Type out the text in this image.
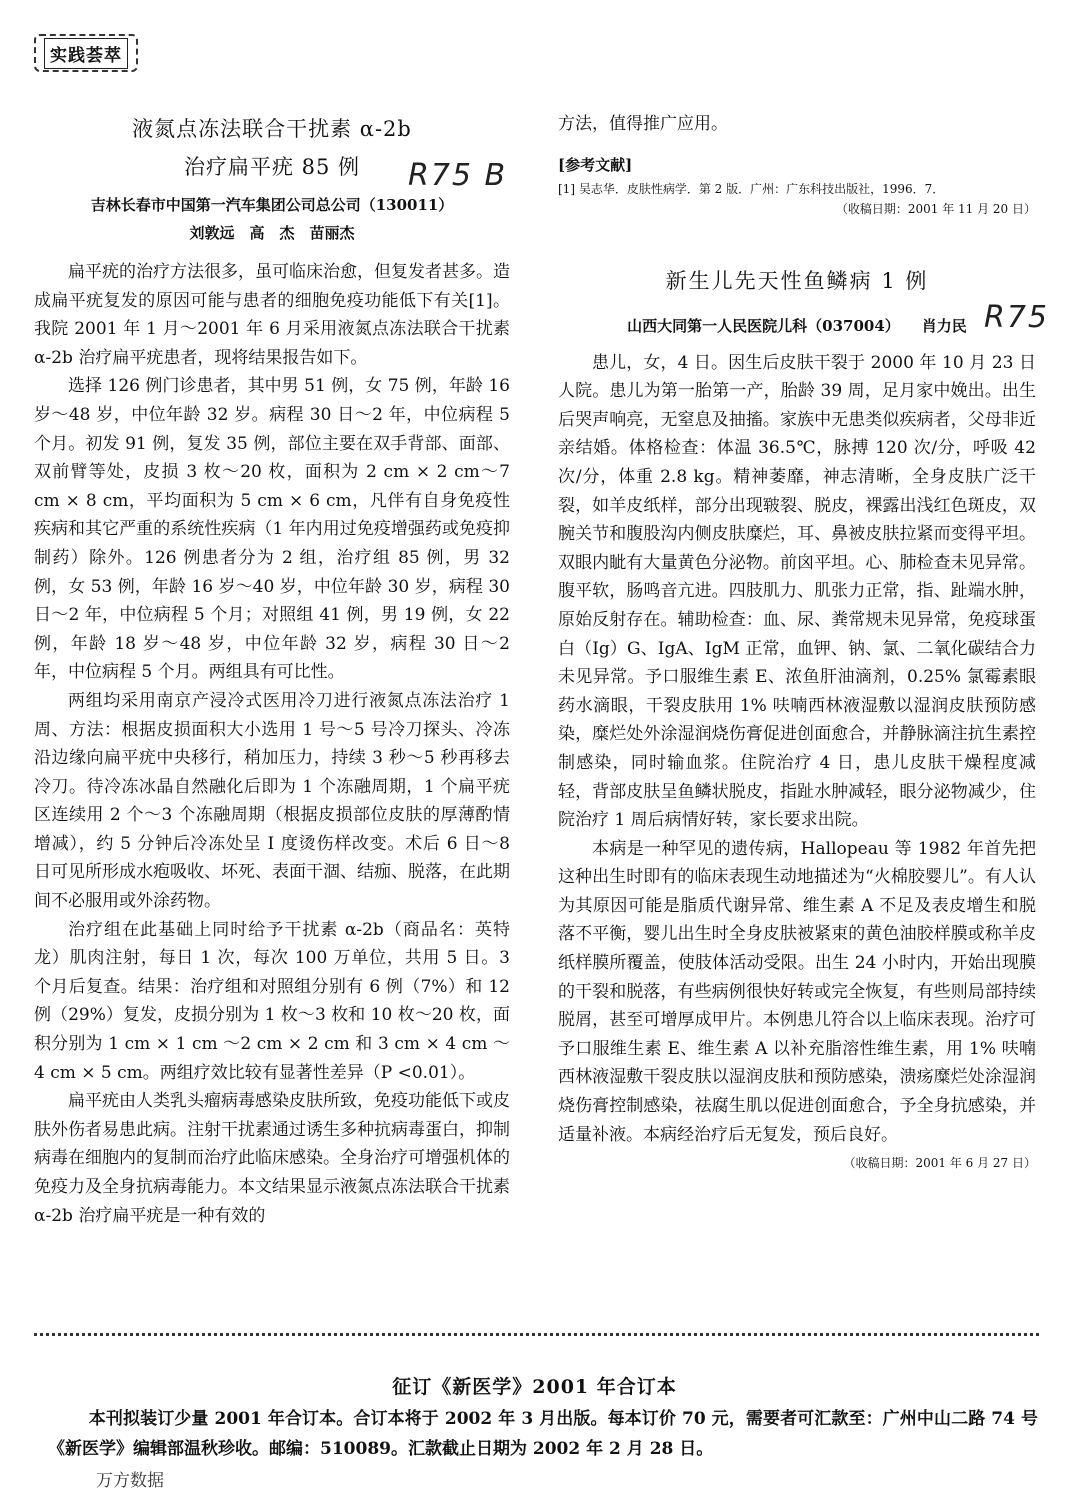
实践荟萃
液氮点冻法联合干扰素 α-2b
治疗扁平疣 85 例
吉林长春市中国第一汽车集团公司总公司（130011）
刘敦远　高　杰　苗丽杰

扁平疣的治疗方法很多，虽可临床治愈，但复发者甚多。造成扁平疣复发的原因可能与患者的细胞免疫功能低下有关[1]。我院 2001 年 1 月～2001 年 6 月采用液氮点冻法联合干扰素 α-2b 治疗扁平疣患者，现将结果报告如下。

选择 126 例门诊患者，其中男 51 例，女 75 例，年龄 16 岁～48 岁，中位年龄 32 岁。病程 30 日～2 年，中位病程 5 个月。初发 91 例，复发 35 例，部位主要在双手背部、面部、双前臂等处，皮损 3 枚～20 枚，面积为 2 cm × 2 cm～7 cm × 8 cm，平均面积为 5 cm × 6 cm，凡伴有自身免疫性疾病和其它严重的系统性疾病（1 年内用过免疫增强药或免疫抑制药）除外。126 例患者分为 2 组，治疗组 85 例，男 32 例，女 53 例，年龄 16 岁～40 岁，中位年龄 30 岁，病程 30 日～2 年，中位病程 5 个月；对照组 41 例，男 19 例，女 22 例，年龄 18 岁～48 岁，中位年龄 32 岁，病程 30 日～2 年，中位病程 5 个月。两组具有可比性。

两组均采用南京产浸冷式医用冷刀进行液氮点冻法治疗 1 周、方法：根据皮损面积大小选用 1 号～5 号冷刀探头、冷冻沿边缘向扁平疣中央移行，稍加压力，持续 3 秒～5 秒再移去冷刀。待冷冻冰晶自然融化后即为 1 个冻融周期，1 个扁平疣区连续用 2 个～3 个冻融周期（根据皮损部位皮肤的厚薄酌情增减），约 5 分钟后冷冻处呈 Ⅰ 度烫伤样改变。术后 6 日～8 日可见所形成水疱吸收、坏死、表面干涸、结痂、脱落，在此期间不必服用或外涂药物。

治疗组在此基础上同时给予干扰素 α-2b（商品名：英特龙）肌肉注射，每日 1 次，每次 100 万单位，共用 5 日。3 个月后复查。结果：治疗组和对照组分别有 6 例（7%）和 12 例（29%）复发，皮损分别为 1 枚～3 枚和 10 枚～20 枚，面积分别为 1 cm × 1 cm ～2 cm × 2 cm 和 3 cm × 4 cm ～4 cm × 5 cm。两组疗效比较有显著性差异（P <0.01）。

扁平疣由人类乳头瘤病毒感染皮肤所致，免疫功能低下或皮肤外伤者易患此病。注射干扰素通过诱生多种抗病毒蛋白，抑制病毒在细胞内的复制而治疗此临床感染。全身治疗可增强机体的免疫力及全身抗病毒能力。本文结果显示液氮点冻法联合干扰素 α-2b 治疗扁平疣是一种有效的

R75 B
方法，值得推广应用。
[参考文献]
[1] 吴志华．皮肤性病学．第 2 版．广州：广东科技出版社，1996．7．
（收稿日期：2001 年 11 月 20 日）
新生儿先天性鱼鳞病 1 例
山西大同第一人民医院儿科（037004） 肖力民

患儿，女，4 日。因生后皮肤干裂于 2000 年 10 月 23 日人院。患儿为第一胎第一产，胎龄 39 周，足月家中娩出。出生后哭声响亮，无窒息及抽搐。家族中无患类似疾病者，父母非近亲结婚。体格检查：体温 36.5℃，脉搏 120 次/分，呼吸 42 次/分，体重 2.8 kg。精神萎靡，神志清晰，全身皮肤广泛干裂，如羊皮纸样，部分出现皲裂、脱皮，裸露出浅红色斑皮，双腕关节和腹股沟内侧皮肤糜烂，耳、鼻被皮肤拉紧而变得平坦。双眼内眦有大量黄色分泌物。前囟平坦。心、肺检查未见异常。腹平软，肠鸣音亢进。四肢肌力、肌张力正常，指、趾端水肿，原始反射存在。辅助检查：血、尿、粪常规未见异常，免疫球蛋白（Ig）G、IgA、IgM 正常，血钾、钠、氯、二氧化碳结合力未见异常。予口服维生素 E、浓鱼肝油滴剂，0.25% 氯霉素眼药水滴眼，干裂皮肤用 1% 呋喃西林液湿敷以湿润皮肤预防感染，糜烂处外涂湿润烧伤膏促进创面愈合，并静脉滴注抗生素控制感染，同时输血浆。住院治疗 4 日，患儿皮肤干燥程度减轻，背部皮肤呈鱼鳞状脱皮，指趾水肿减轻，眼分泌物减少，住院治疗 1 周后病情好转，家长要求出院。

本病是一种罕见的遗传病，Hallopeau 等 1982 年首先把这种出生时即有的临床表现生动地描述为“火棉胶婴儿”。有人认为其原因可能是脂质代谢异常、维生素 A 不足及表皮增生和脱落不平衡，婴儿出生时全身皮肤被紧束的黄色油胶样膜或称羊皮纸样膜所覆盖，使肢体活动受限。出生 24 小时内，开始出现膜的干裂和脱落，有些病例很快好转或完全恢复，有些则局部持续脱屑，甚至可增厚成甲片。本例患儿符合以上临床表现。治疗可予口服维生素 E、维生素 A 以补充脂溶性维生素，用 1% 呋喃西林液湿敷干裂皮肤以湿润皮肤和预防感染，溃疡糜烂处涂湿润烧伤膏控制感染，祛腐生肌以促进创面愈合，予全身抗感染，并适量补液。本病经治疗后无复发，预后良好。

（收稿日期：2001 年 6 月 27 日）
R75
征订《新医学》2001 年合订本
本刊拟装订少量 2001 年合订本。合订本将于 2002 年 3 月出版。每本订价 70 元，需要者可汇款至：广州中山二路 74 号《新医学》编辑部温秋珍收。邮编：510089。汇款截止日期为 2002 年 2 月 28 日。
万方数据
